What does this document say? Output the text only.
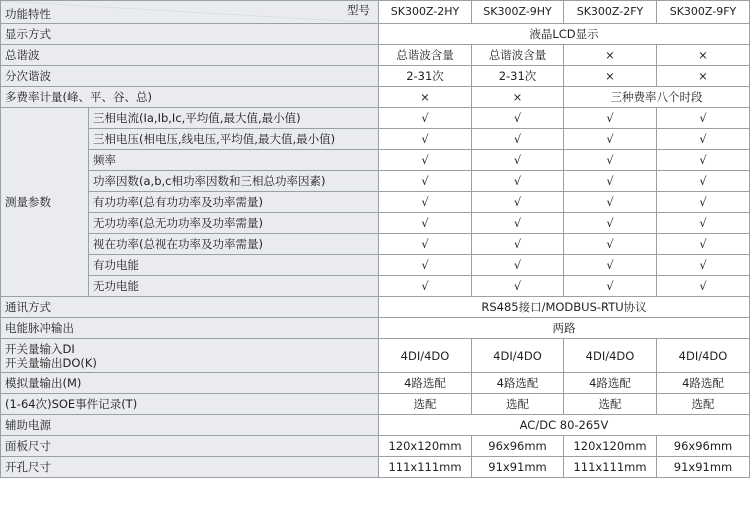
型号
功能特性		SK300Z-2HY	SK300Z-9HY	SK300Z-2FY	SK300Z-9FY
显示方式		液晶LCD显示			
总谐波		总谐波含量	总谐波含量	×	×
分次谐波		2-31次	2-31次	×	×
多费率计量(峰、平、谷、总)		×	×	三种费率八个时段	
测量参数	三相电流(Ia,Ib,Ic,平均值,最大值,最小值)	√	√	√	√
	三相电压(相电压,线电压,平均值,最大值,最小值)	√	√	√	√
	频率	√	√	√	√
	功率因数(a,b,c相功率因数和三相总功率因素)	√	√	√	√
	有功功率(总有功功率及功率需量)	√	√	√	√
	无功功率(总无功功率及功率需量)	√	√	√	√
	视在功率(总视在功率及功率需量)	√	√	√	√
	有功电能	√	√	√	√
	无功电能	√	√	√	√
通讯方式		RS485接口/MODBUS-RTU协议			
电能脉冲输出		两路			

开关量输入DI
开关量输出DO(K)		4DI/4DO	4DI/4DO	4DI/4DO	4DI/4DO
模拟量输出(M)		4路选配	4路选配	4路选配	4路选配
(1-64次)SOE事件记录(T)		选配	选配	选配	选配
辅助电源		AC/DC 80-265V			
面板尺寸		120x120mm	96x96mm	120x120mm	96x96mm
开孔尺寸		111x111mm	91x91mm	111x111mm	91x91mm
